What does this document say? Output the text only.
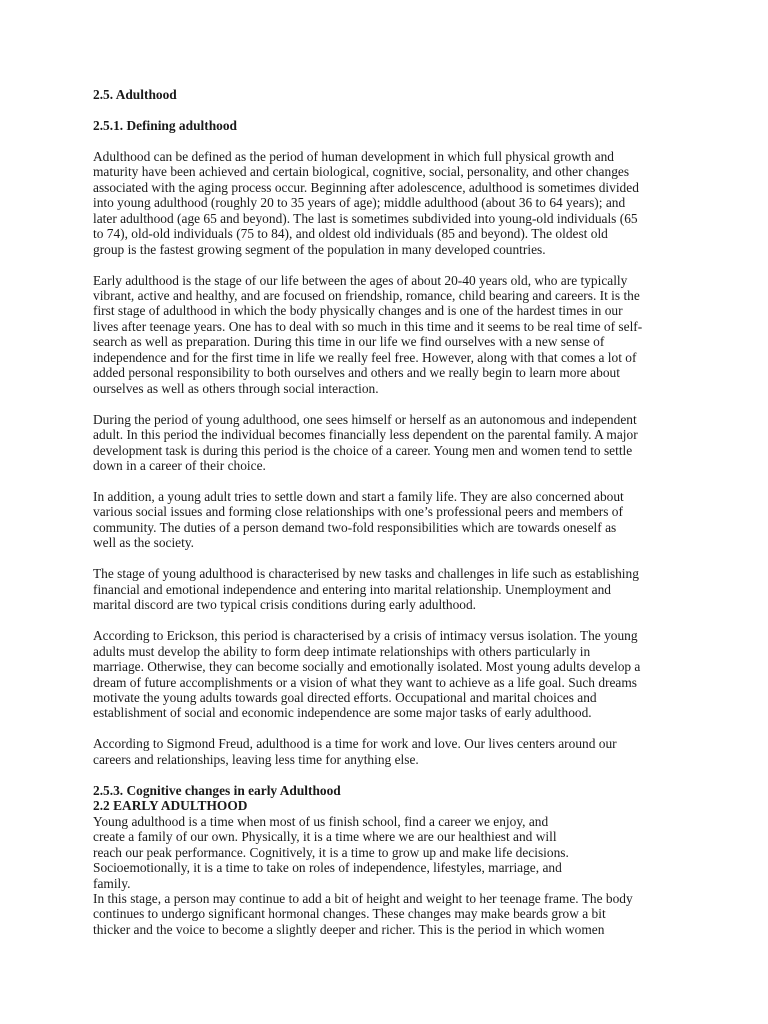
2.5. Adulthood

2.5.1. Defining adulthood

Adulthood can be defined as the period of human development in which full physical growth and
maturity have been achieved and certain biological, cognitive, social, personality, and other changes
associated with the aging process occur. Beginning after adolescence, adulthood is sometimes divided
into young adulthood (roughly 20 to 35 years of age); middle adulthood (about 36 to 64 years); and
later adulthood (age 65 and beyond). The last is sometimes subdivided into young-old individuals (65
to 74), old-old individuals (75 to 84), and oldest old individuals (85 and beyond). The oldest old
group is the fastest growing segment of the population in many developed countries.

Early adulthood is the stage of our life between the ages of about 20-40 years old, who are typically
vibrant, active and healthy, and are focused on friendship, romance, child bearing and careers. It is the
first stage of adulthood in which the body physically changes and is one of the hardest times in our
lives after teenage years. One has to deal with so much in this time and it seems to be real time of self-
search as well as preparation. During this time in our life we find ourselves with a new sense of
independence and for the first time in life we really feel free. However, along with that comes a lot of
added personal responsibility to both ourselves and others and we really begin to learn more about
ourselves as well as others through social interaction.

During the period of young adulthood, one sees himself or herself as an autonomous and independent
adult. In this period the individual becomes financially less dependent on the parental family. A major
development task is during this period is the choice of a career. Young men and women tend to settle
down in a career of their choice.

In addition, a young adult tries to settle down and start a family life. They are also concerned about
various social issues and forming close relationships with one’s professional peers and members of
community. The duties of a person demand two-fold responsibilities which are towards oneself as
well as the society.

The stage of young adulthood is characterised by new tasks and challenges in life such as establishing
financial and emotional independence and entering into marital relationship. Unemployment and
marital discord are two typical crisis conditions during early adulthood.

According to Erickson, this period is characterised by a crisis of intimacy versus isolation. The young
adults must develop the ability to form deep intimate relationships with others particularly in
marriage. Otherwise, they can become socially and emotionally isolated. Most young adults develop a
dream of future accomplishments or a vision of what they want to achieve as a life goal. Such dreams
motivate the young adults towards goal directed efforts. Occupational and marital choices and
establishment of social and economic independence are some major tasks of early adulthood.

According to Sigmond Freud, adulthood is a time for work and love. Our lives centers around our
careers and relationships, leaving less time for anything else.

2.5.3. Cognitive changes in early Adulthood

2.2 EARLY ADULTHOOD

Young adulthood is a time when most of us finish school, find a career we enjoy, and
create a family of our own. Physically, it is a time where we are our healthiest and will
reach our peak performance. Cognitively, it is a time to grow up and make life decisions.
Socioemotionally, it is a time to take on roles of independence, lifestyles, marriage, and
family.

In this stage, a person may continue to add a bit of height and weight to her teenage frame. The body
continues to undergo significant hormonal changes. These changes may make beards grow a bit
thicker and the voice to become a slightly deeper and richer. This is the period in which women
